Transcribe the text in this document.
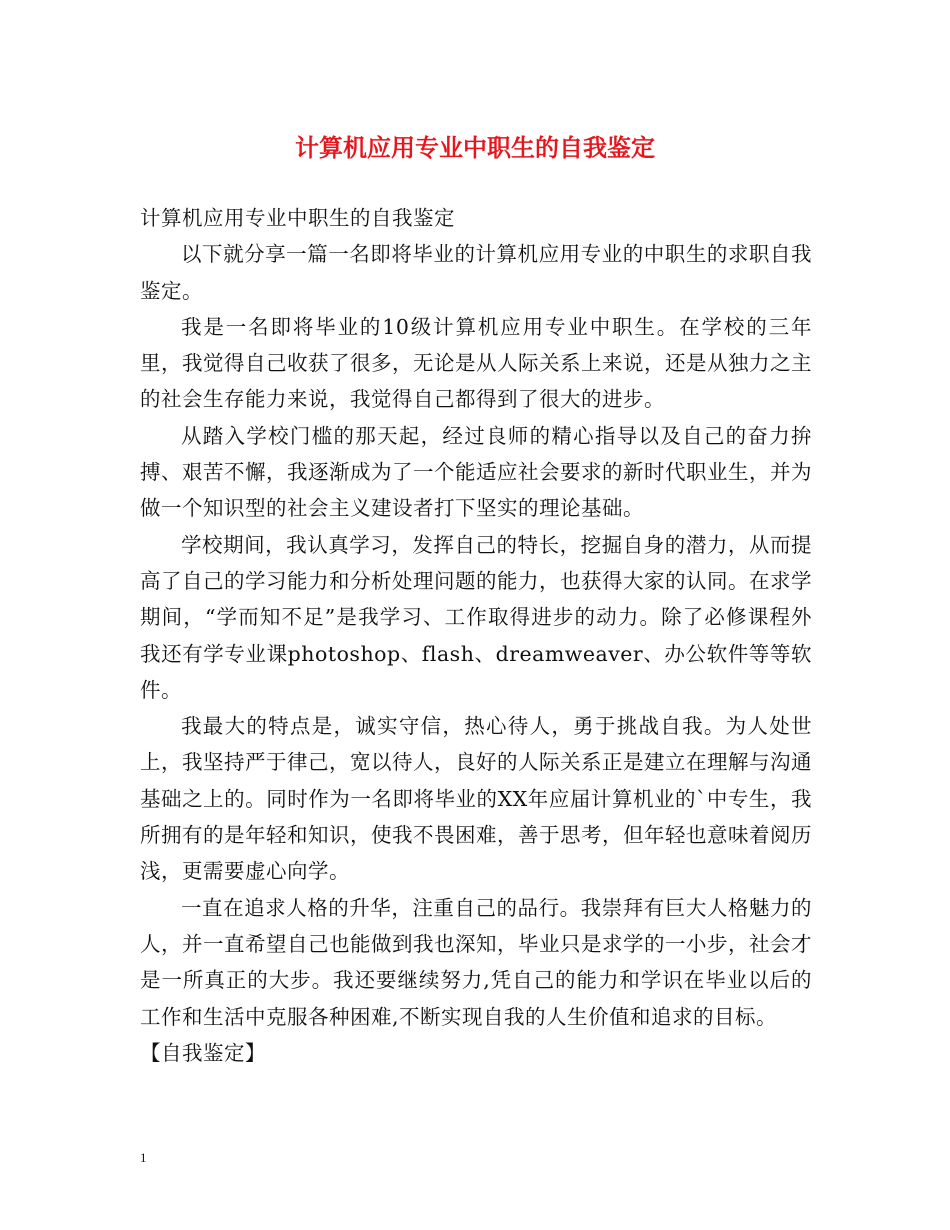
计算机应用专业中职生的自我鉴定

计算机应用专业中职生的自我鉴定

以下就分享一篇一名即将毕业的计算机应用专业的中职生的求职自我鉴定。

我是一名即将毕业的10级计算机应用专业中职生。在学校的三年里，我觉得自己收获了很多，无论是从人际关系上来说，还是从独力之主的社会生存能力来说，我觉得自己都得到了很大的进步。

从踏入学校门槛的那天起，经过良师的精心指导以及自己的奋力拚搏、艰苦不懈，我逐渐成为了一个能适应社会要求的新时代职业生，并为做一个知识型的社会主义建设者打下坚实的理论基础。

学校期间，我认真学习，发挥自己的特长，挖掘自身的潜力，从而提高了自己的学习能力和分析处理问题的能力，也获得大家的认同。在求学期间，“学而知不足”是我学习、工作取得进步的动力。除了必修课程外我还有学专业课photoshop、flash、dreamweaver、办公软件等等软件。

我最大的特点是，诚实守信，热心待人，勇于挑战自我。为人处世上，我坚持严于律己，宽以待人，良好的人际关系正是建立在理解与沟通基础之上的。同时作为一名即将毕业的XX年应届计算机业的`中专生，我所拥有的是年轻和知识，使我不畏困难，善于思考，但年轻也意味着阅历浅，更需要虚心向学。

一直在追求人格的升华，注重自己的品行。我崇拜有巨大人格魅力的人，并一直希望自己也能做到我也深知，毕业只是求学的一小步，社会才是一所真正的大步。我还要继续努力,凭自己的能力和学识在毕业以后的工作和生活中克服各种困难,不断实现自我的人生价值和追求的目标。

【自我鉴定】

1
